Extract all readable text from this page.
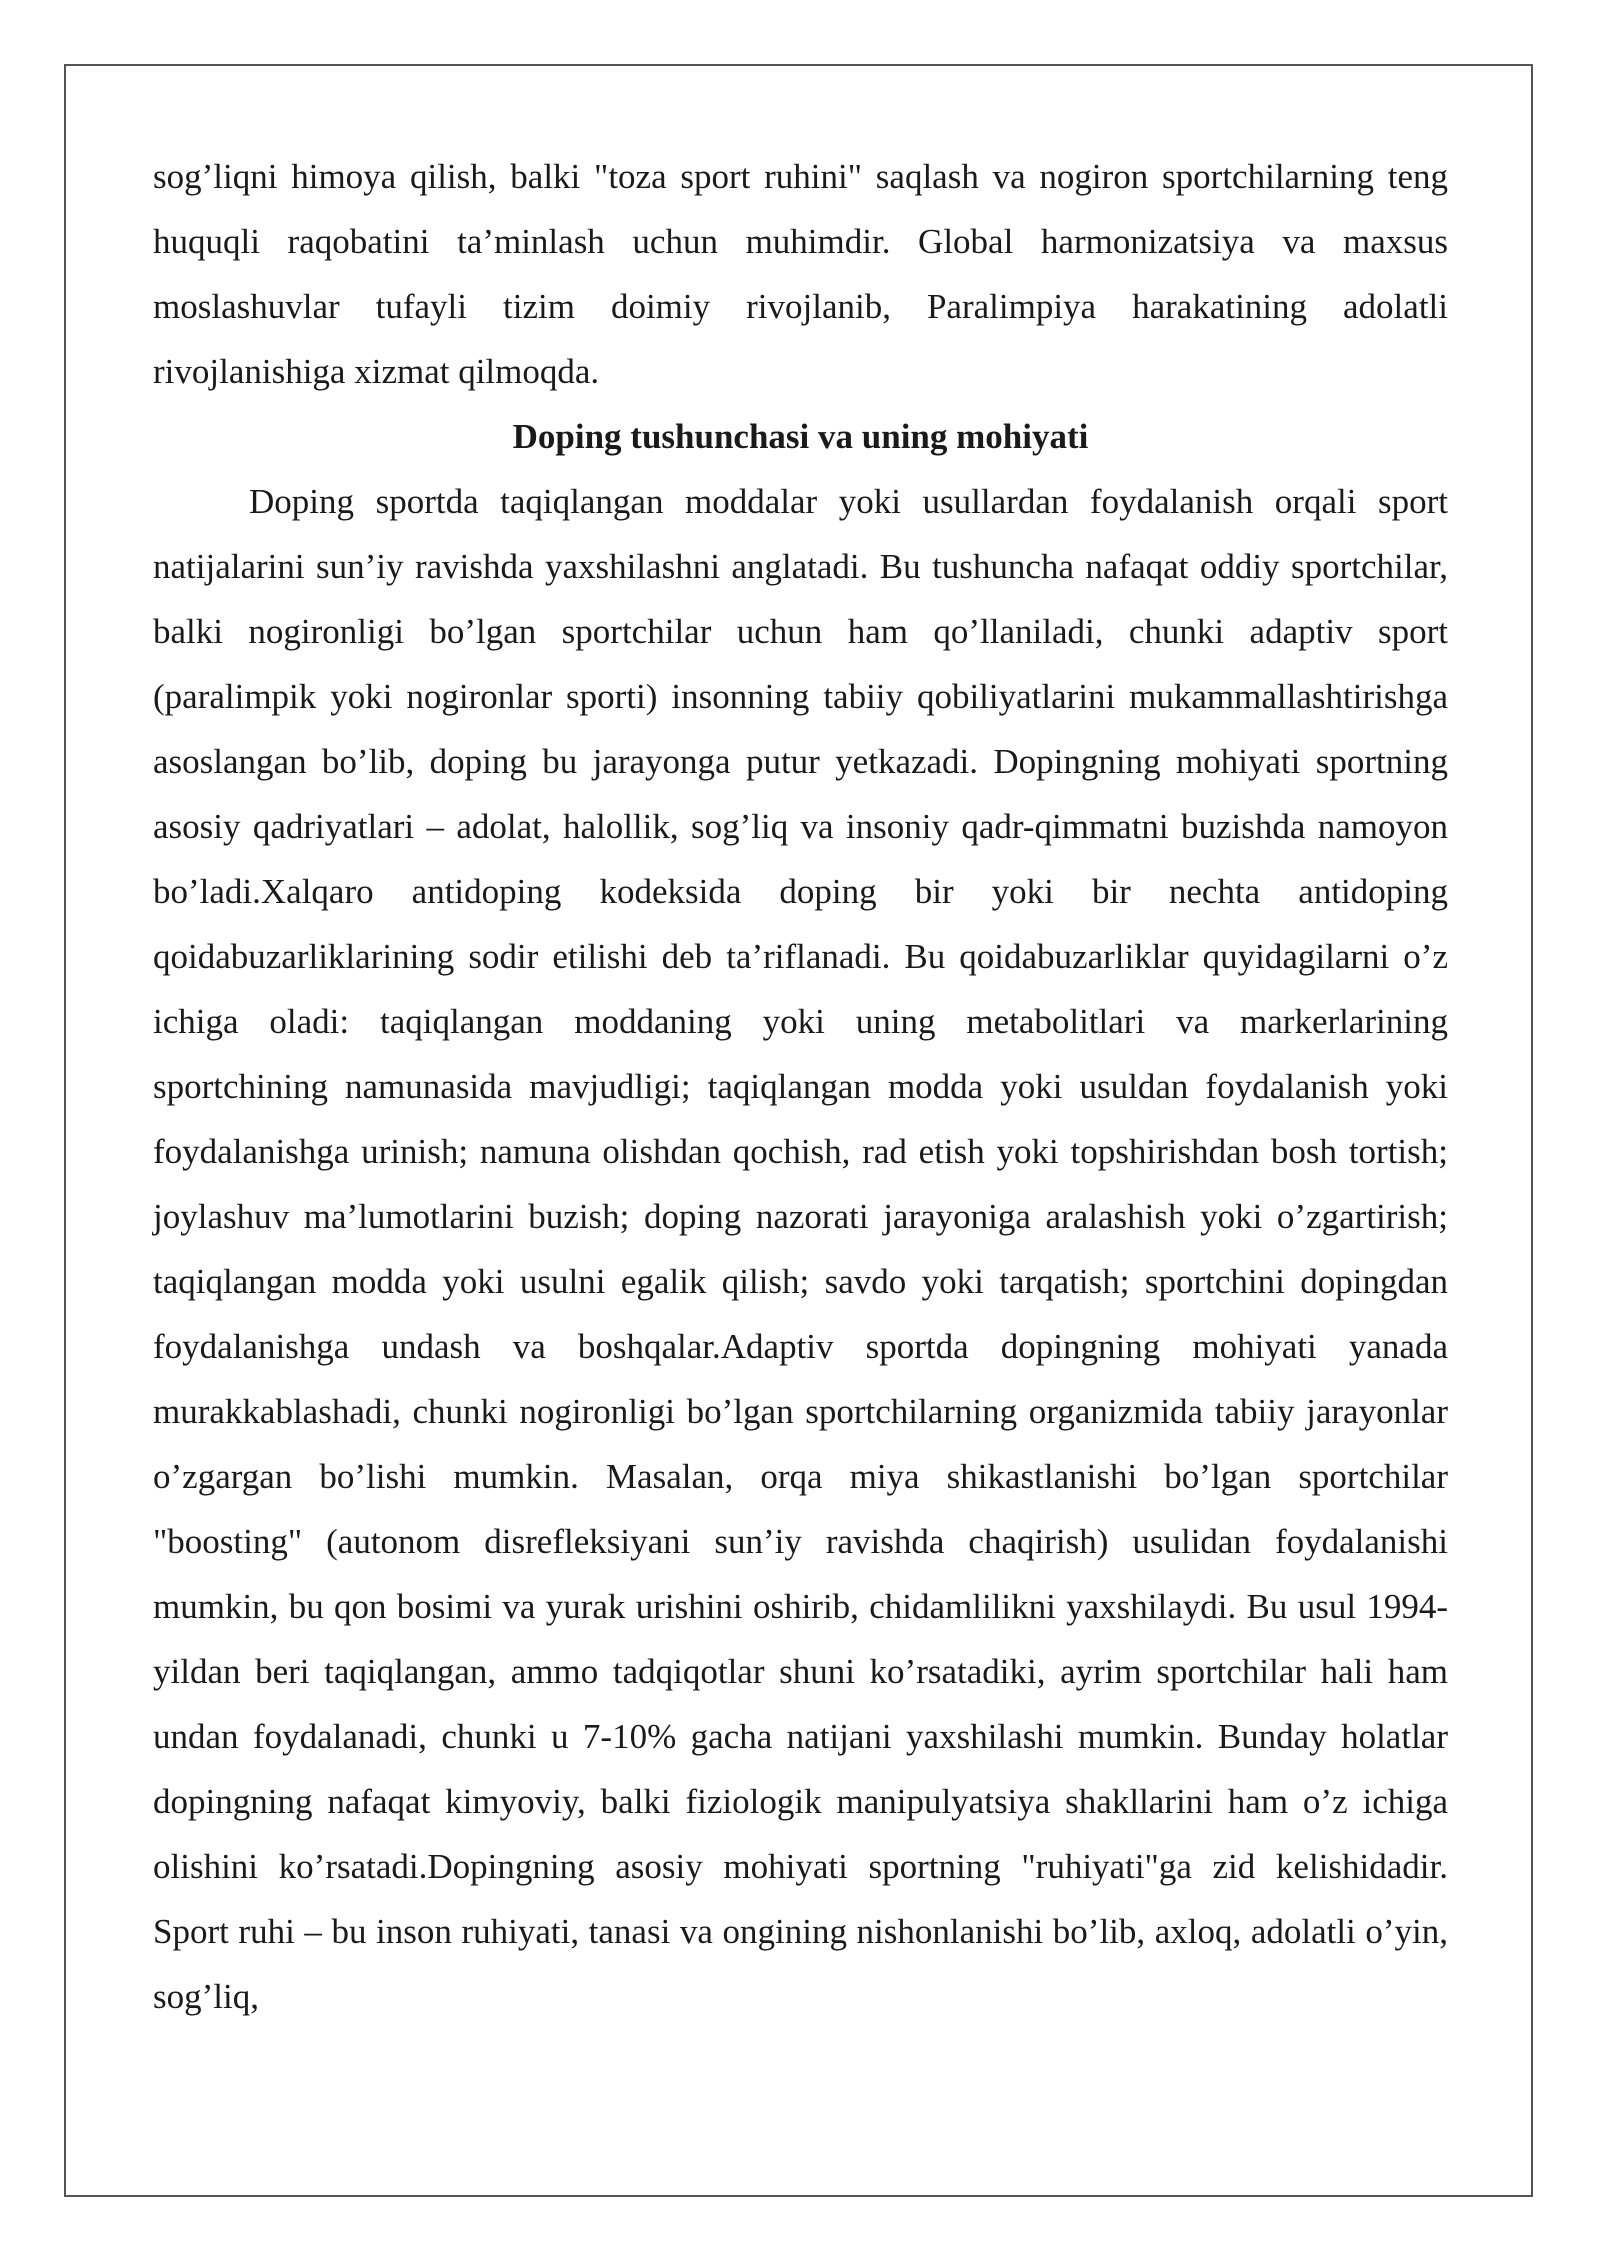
sog’liqni himoya qilish, balki "toza sport ruhini" saqlash va nogiron sportchilarning teng huquqli raqobatini ta’minlash uchun muhimdir. Global harmonizatsiya va maxsus moslashuvlar tufayli tizim doimiy rivojlanib, Paralimpiya harakatining adolatli rivojlanishiga xizmat qilmoqda.

Doping tushunchasi va uning mohiyati

Doping sportda taqiqlangan moddalar yoki usullardan foydalanish orqali sport natijalarini sun’iy ravishda yaxshilashni anglatadi. Bu tushuncha nafaqat oddiy sportchilar, balki nogironligi bo’lgan sportchilar uchun ham qo’llaniladi, chunki adaptiv sport (paralimpik yoki nogironlar sporti) insonning tabiiy qobiliyatlarini mukammallashtirishga asoslangan bo’lib, doping bu jarayonga putur yetkazadi. Dopingning mohiyati sportning asosiy qadriyatlari – adolat, halollik, sog’liq va insoniy qadr-qimmatni buzishda namoyon bo’ladi.Xalqaro antidoping kodeksida doping bir yoki bir nechta antidoping qoidabuzarliklarining sodir etilishi deb ta’riflanadi. Bu qoidabuzarliklar quyidagilarni o’z ichiga oladi: taqiqlangan moddaning yoki uning metabolitlari va markerlarining sportchining namunasida mavjudligi; taqiqlangan modda yoki usuldan foydalanish yoki foydalanishga urinish; namuna olishdan qochish, rad etish yoki topshirishdan bosh tortish; joylashuv ma’lumotlarini buzish; doping nazorati jarayoniga aralashish yoki o’zgartirish; taqiqlangan modda yoki usulni egalik qilish; savdo yoki tarqatish; sportchini dopingdan foydalanishga undash va boshqalar.Adaptiv sportda dopingning mohiyati yanada murakkablashadi, chunki nogironligi bo’lgan sportchilarning organizmida tabiiy jarayonlar o’zgargan bo’lishi mumkin. Masalan, orqa miya shikastlanishi bo’lgan sportchilar "boosting" (autonom disrefleksiyani sun’iy ravishda chaqirish) usulidan foydalanishi mumkin, bu qon bosimi va yurak urishini oshirib, chidamlilikni yaxshilaydi. Bu usul 1994-yildan beri taqiqlangan, ammo tadqiqotlar shuni ko’rsatadiki, ayrim sportchilar hali ham undan foydalanadi, chunki u 7-10% gacha natijani yaxshilashi mumkin. Bunday holatlar dopingning nafaqat kimyoviy, balki fiziologik manipulyatsiya shakllarini ham o’z ichiga olishini ko’rsatadi.Dopingning asosiy mohiyati sportning "ruhiyati"ga zid kelishidadir. Sport ruhi – bu inson ruhiyati, tanasi va ongining nishonlanishi bo’lib, axloq, adolatli o’yin, sog’liq,
